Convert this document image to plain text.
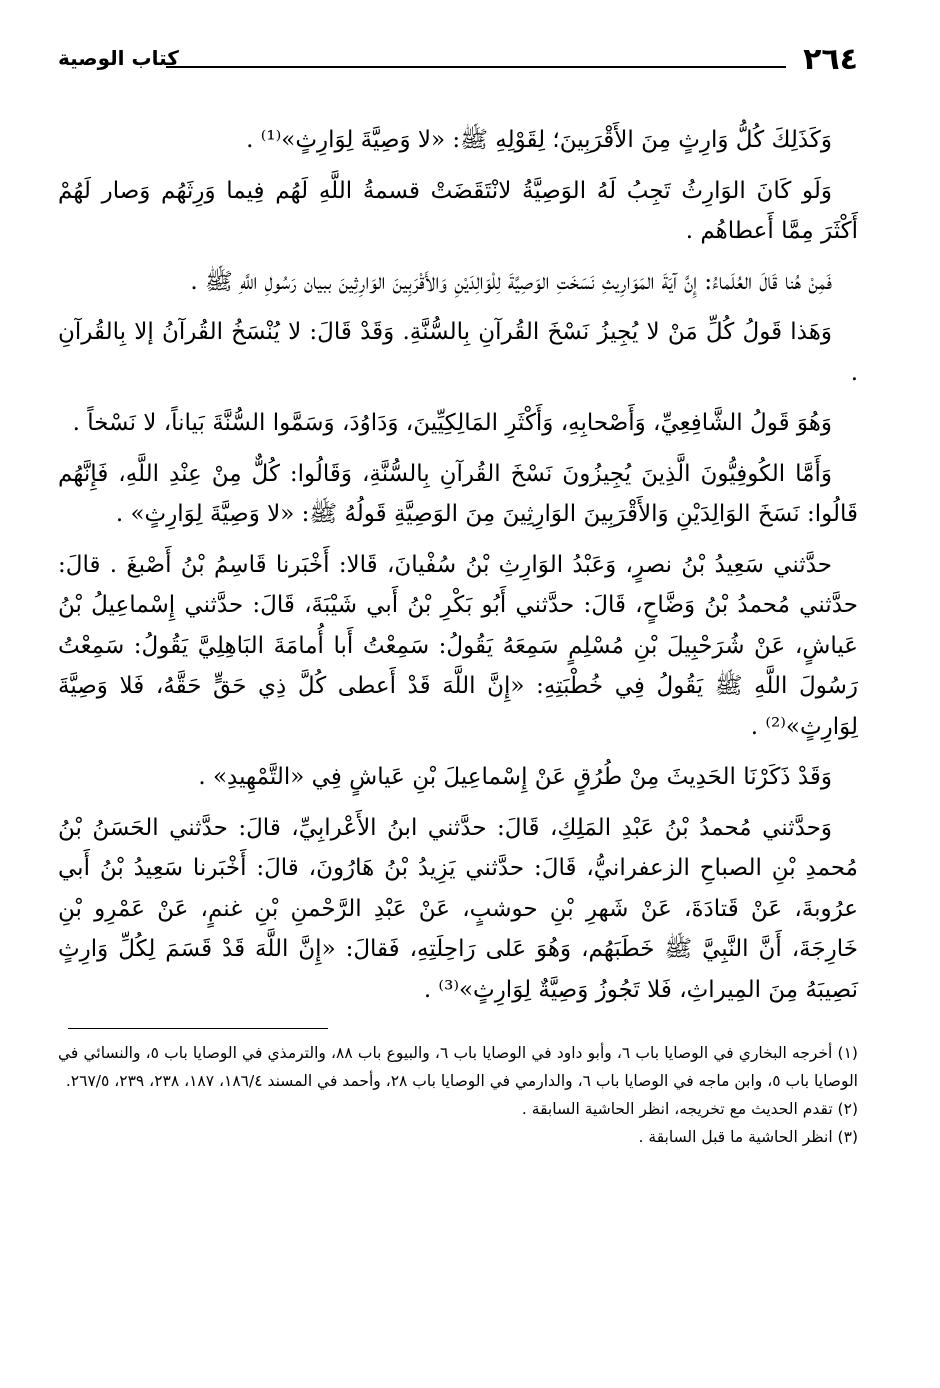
٢٦٤
كتاب الوصية

وَكَذَلِكَ كُلُّ وَارِثٍ مِنَ الأَقْرَبِينَ؛ لِقَوْلِهِ ﷺ: «لا وَصِيَّةَ لِوَارِثٍ»⁽¹⁾ .

وَلَو كَانَ الوَارِثُ تَجِبُ لَهُ الوَصِيَّةُ لانْتَقَضَتْ قسمةُ اللَّهِ لَهُم فِيما وَرِثَهُم وَصار لَهُمْ أَكْثَرَ مِمَّا أَعطاهُم .

فَمِنْ هُنا قَالَ العُلَماءُ: إِنَّ آيَةَ المَوَارِيثِ نَسَخَتِ الوَصِيَّةَ لِلْوَالِدَيْنِ وَالأَقْرَبِينَ الوَارِثِينَ ببيان رَسُولِ اللَّهِ ﷺ .

وَهَذا قَولُ كُلِّ مَنْ لا يُجِيزُ نَسْخَ القُرآنِ بِالسُّنَّةِ. وَقَدْ قَالَ: لا يُنْسَخُ القُرآنُ إلا بِالقُرآنِ .

وَهُوَ قَولُ الشَّافِعِيِّ، وَأَصْحابِهِ، وَأَكْثَرِ المَالِكِيِّينَ، وَدَاوُدَ، وَسَمَّوا السُّنَّةَ بَياناً، لا نَسْخاً .

وَأَمَّا الكُوفِيُّونَ الَّذِينَ يُجِيزُونَ نَسْخَ القُرآنِ بِالسُّنَّةِ، وَقَالُوا: كُلٌّ مِنْ عِنْدِ اللَّهِ، فَإِنَّهُم قَالُوا: نَسَخَ الوَالِدَيْنِ وَالأَقْرَبِينَ الوَارِثِينَ مِنَ الوَصِيَّةِ قَولُهُ ﷺ: «لا وَصِيَّةَ لِوَارِثٍ» .

حدَّثني سَعِيدُ بْنُ نصرٍ، وَعَبْدُ الوَارِثِ بْنُ سُفْيانَ، قَالا: أَخْبَرنا قَاسِمُ بْنُ أَصْبغَ . قالَ: حدَّثني مُحمدُ بْنُ وَضَّاحٍ، قَالَ: حدَّثني أَبُو بَكْرِ بْنُ أَبي شَيْبَةَ، قَالَ: حدَّثني إِسْماعِيلُ بْنُ عَياشٍ، عَنْ شُرَحْبِيلَ بْنِ مُسْلِمٍ سَمِعَهُ يَقُولُ: سَمِعْتُ أَبا أُمامَةَ البَاهِلِيَّ يَقُولُ: سَمِعْتُ رَسُولَ اللَّهِ ﷺ يَقُولُ فِي خُطْبَتِهِ: «إِنَّ اللَّهَ قَدْ أَعطى كُلَّ ذِي حَقٍّ حَقَّهُ، فَلا وَصِيَّةَ لِوَارِثٍ»⁽²⁾ .

وَقَدْ ذَكَرْنَا الحَدِيثَ مِنْ طُرُقٍ عَنْ إِسْماعِيلَ بْنِ عَياشٍ فِي «التَّمْهِيدِ» .

وَحدَّثني مُحمدُ بْنُ عَبْدِ المَلِكِ، قَالَ: حدَّثني ابنُ الأَعْرابِيِّ، قالَ: حدَّثني الحَسَنُ بْنُ مُحمدِ بْنِ الصباحِ الزعفرانيُّ، قَالَ: حدَّثني يَزِيدُ بْنُ هَارُونَ، قالَ: أَخْبَرنا سَعِيدُ بْنُ أَبي عرُوبةَ، عَنْ قَتادَةَ، عَنْ شَهرِ بْنِ حوشبٍ، عَنْ عَبْدِ الرَّحْمنِ بْنِ غنمٍ، عَنْ عَمْرِو بْنِ خَارِجَةَ، أَنَّ النَّبِيَّ ﷺ خَطَبَهُم، وَهُوَ عَلى رَاحِلَتِهِ، فَقالَ: «إِنَّ اللَّهَ قَدْ قَسَمَ لِكُلِّ وَارِثٍ نَصِيبَهُ مِنَ المِيراثِ، فَلا تَجُوزُ وَصِيَّةٌ لِوَارِثٍ»⁽³⁾ .

(١) أخرجه البخاري في الوصايا باب ٦، وأبو داود في الوصايا باب ٦، والبيوع باب ٨٨، والترمذي في الوصايا باب ٥، والنسائي في الوصايا باب ٥، وابن ماجه في الوصايا باب ٦، والدارمي في الوصايا باب ٢٨، وأحمد في المسند ١٨٦/٤، ١٨٧، ٢٣٨، ٢٣٩، ٢٦٧/٥.

(٢) تقدم الحديث مع تخريجه، انظر الحاشية السابقة .

(٣) انظر الحاشية ما قبل السابقة .
